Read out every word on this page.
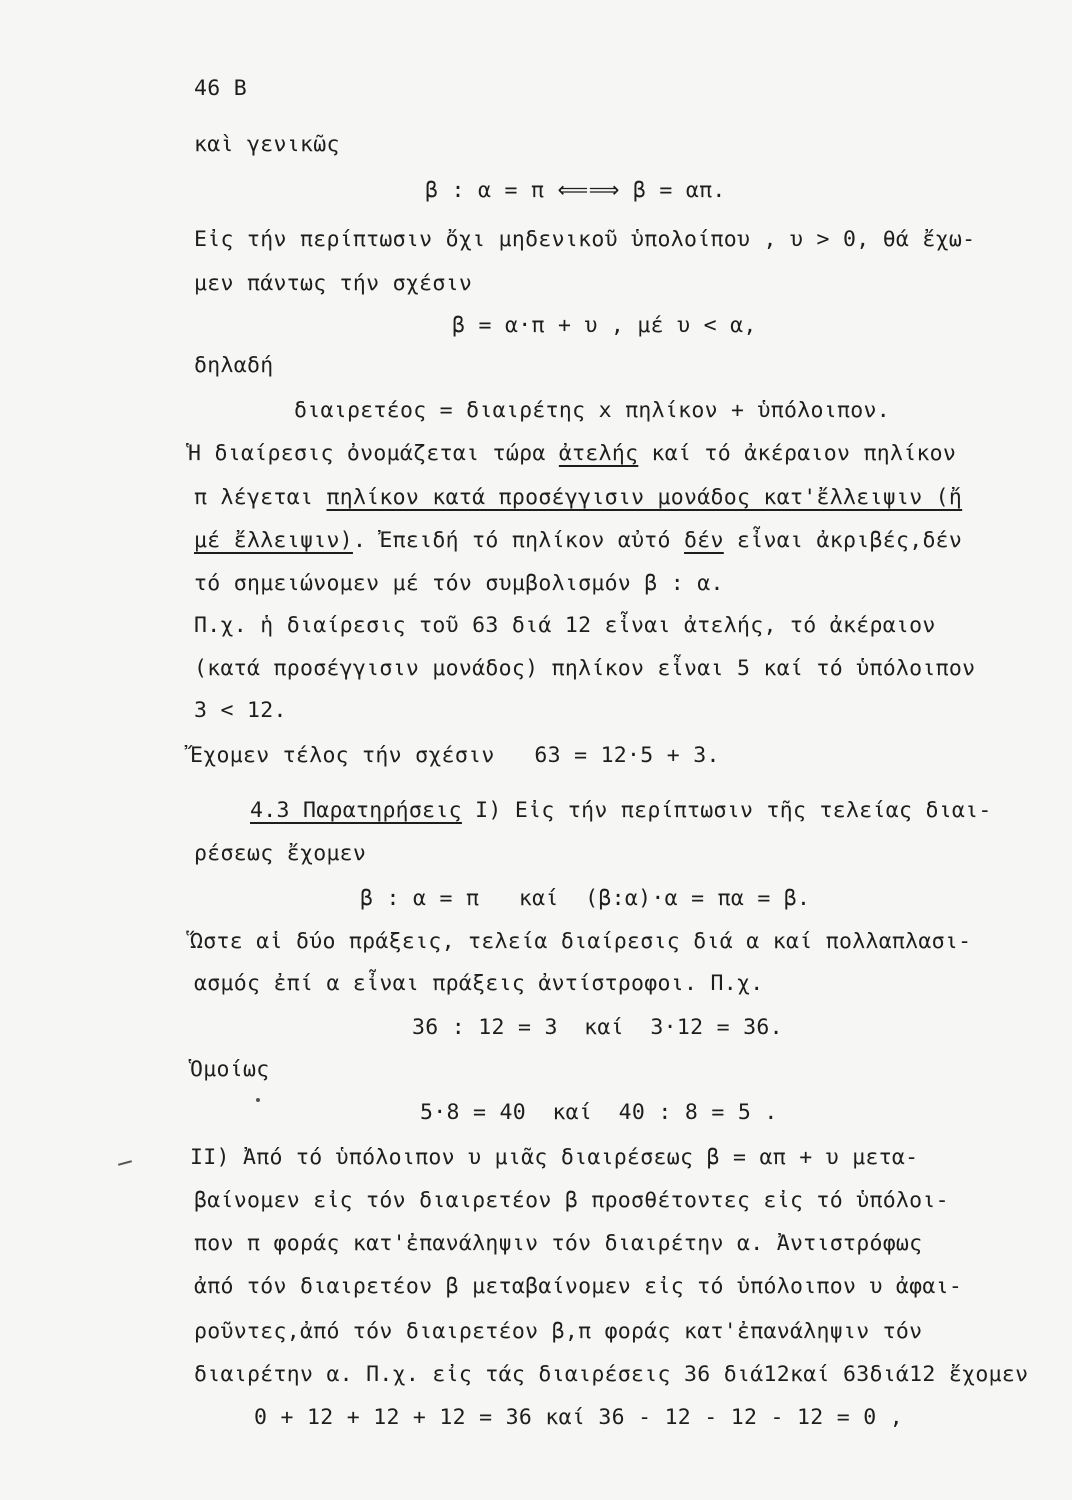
46 B
καὶ γενικῶς
β : α = π ⟸⟹ β = απ.
Εἰς τήν περίπτωσιν ὄχι μηδενικοῦ ὑπολοίπου , υ > 0, θά ἔχω-
μεν πάντως τήν σχέσιν
β = α·π + υ , μέ υ < α,
δηλαδή
διαιρετέος = διαιρέτης x πηλίκον + ὑπόλοιπον.
Ἡ διαίρεσις ὀνομάζεται τώρα ἀτελής καί τό ἀκέραιον πηλίκον
π λέγεται πηλίκον κατά προσέγγισιν μονάδος κατ'ἔλλειψιν (ἤ
μέ ἔλλειψιν). Ἐπειδή τό πηλίκον αὐτό δέν εἶναι ἀκριβές,δέν
τό σημειώνομεν μέ τόν συμβολισμόν β : α.
Π.χ. ἡ διαίρεσις τοῦ 63 διά 12 εἶναι ἀτελής, τό ἀκέραιον
(κατά προσέγγισιν μονάδος) πηλίκον εἶναι 5 καί τό ὑπόλοιπον
3 < 12.
Ἔχομεν τέλος τήν σχέσιν   63 = 12·5 + 3.
4.3 Παρατηρήσεις I) Εἰς τήν περίπτωσιν τῆς τελείας διαι-
ρέσεως ἔχομεν
β : α = π   καί  (β:α)·α = πα = β.
Ὥστε αἱ δύο πράξεις, τελεία διαίρεσις διά α καί πολλαπλασι-
ασμός ἐπί α εἶναι πράξεις ἀντίστροφοι. Π.χ.
36 : 12 = 3  καί  3·12 = 36.
Ὁμοίως
5·8 = 40  καί  40 : 8 = 5 .
II) Ἀπό τό ὑπόλοιπον υ μιᾶς διαιρέσεως β = απ + υ μετα-
βαίνομεν εἰς τόν διαιρετέον β προσθέτοντες εἰς τό ὑπόλοι-
πον π φοράς κατ'ἐπανάληψιν τόν διαιρέτην α. Ἀντιστρόφως
ἀπό τόν διαιρετέον β μεταβαίνομεν εἰς τό ὑπόλοιπον υ ἀφαι-
ροῦντες,ἀπό τόν διαιρετέον β,π φοράς κατ'ἐπανάληψιν τόν
διαιρέτην α. Π.χ. εἰς τάς διαιρέσεις 36 διά12καί 63διά12 ἔχομεν
0 + 12 + 12 + 12 = 36 καί 36 - 12 - 12 - 12 = 0 ,
